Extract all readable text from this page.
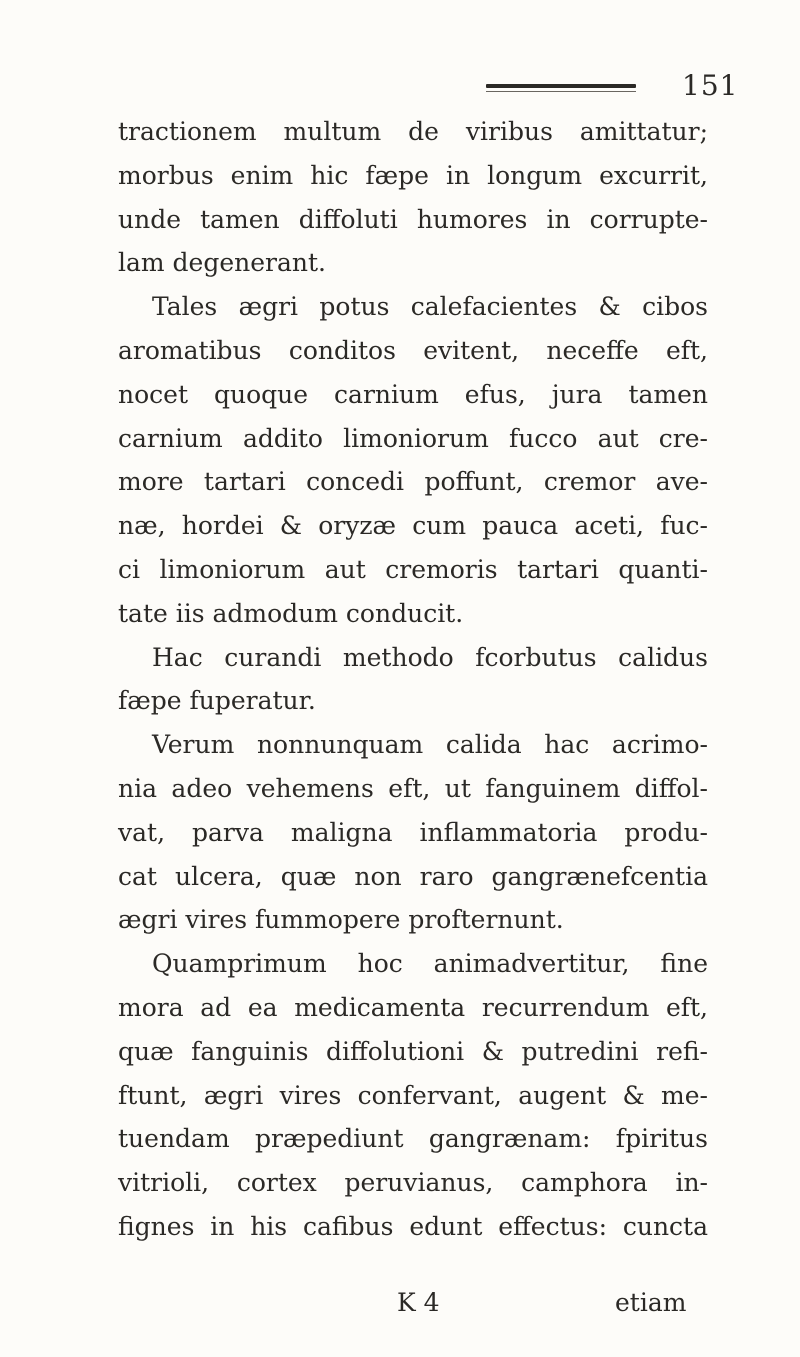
151
tractionem multum de viribus amittatur;
morbus enim hic fæpe in longum excurrit,
unde tamen diffoluti humores in corrupte-
lam degenerant.
Tales ægri potus calefacientes & cibos
aromatibus conditos evitent, neceffe eft,
nocet quoque carnium efus, jura tamen
carnium addito limoniorum fucco aut cre-
more tartari concedi poffunt, cremor ave-
næ, hordei & oryzæ cum pauca aceti, fuc-
ci limoniorum aut cremoris tartari quanti-
tate iis admodum conducit.
Hac curandi methodo fcorbutus calidus
fæpe fuperatur.
Verum nonnunquam calida hac acrimo-
nia adeo vehemens eft, ut fanguinem diffol-
vat, parva maligna inflammatoria produ-
cat ulcera, quæ non raro gangrænefcentia
ægri vires fummopere profternunt.
Quamprimum hoc animadvertitur, fine
mora ad ea medicamenta recurrendum eft,
quæ fanguinis diffolutioni & putredini refi-
ftunt, ægri vires confervant, augent & me-
tuendam præpediunt gangrænam: fpiritus
vitrioli, cortex peruvianus, camphora in-
fignes in his cafibus edunt effectus: cuncta
K 4	etiam
